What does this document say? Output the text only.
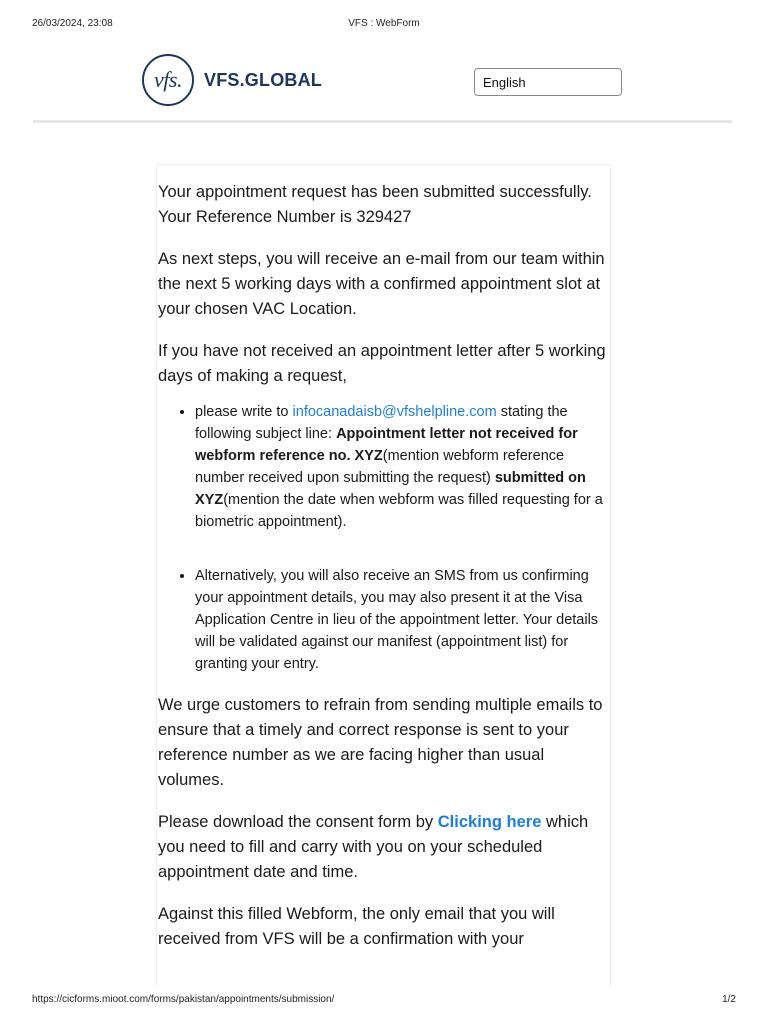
26/03/2024, 23:08	VFS : WebForm
vfs.	VFS.GLOBAL	English

Your appointment request has been submitted successfully. Your Reference Number is 329427

As next steps, you will receive an e-mail from our team within the next 5 working days with a confirmed appointment slot at your chosen VAC Location.

If you have not received an appointment letter after 5 working days of making a request,

• please write to infocanadaisb@vfshelpline.com stating the following subject line: Appointment letter not received for webform reference no. XYZ(mention webform reference number received upon submitting the request) submitted on XYZ(mention the date when webform was filled requesting for a biometric appointment).
• Alternatively, you will also receive an SMS from us confirming your appointment details, you may also present it at the Visa Application Centre in lieu of the appointment letter. Your details will be validated against our manifest (appointment list) for granting your entry.

We urge customers to refrain from sending multiple emails to ensure that a timely and correct response is sent to your reference number as we are facing higher than usual volumes.

Please download the consent form by Clicking here which you need to fill and carry with you on your scheduled appointment date and time.

Against this filled Webform, the only email that you will received from VFS will be a confirmation with your

https://cicforms.mioot.com/forms/pakistan/appointments/submission/	1/2
